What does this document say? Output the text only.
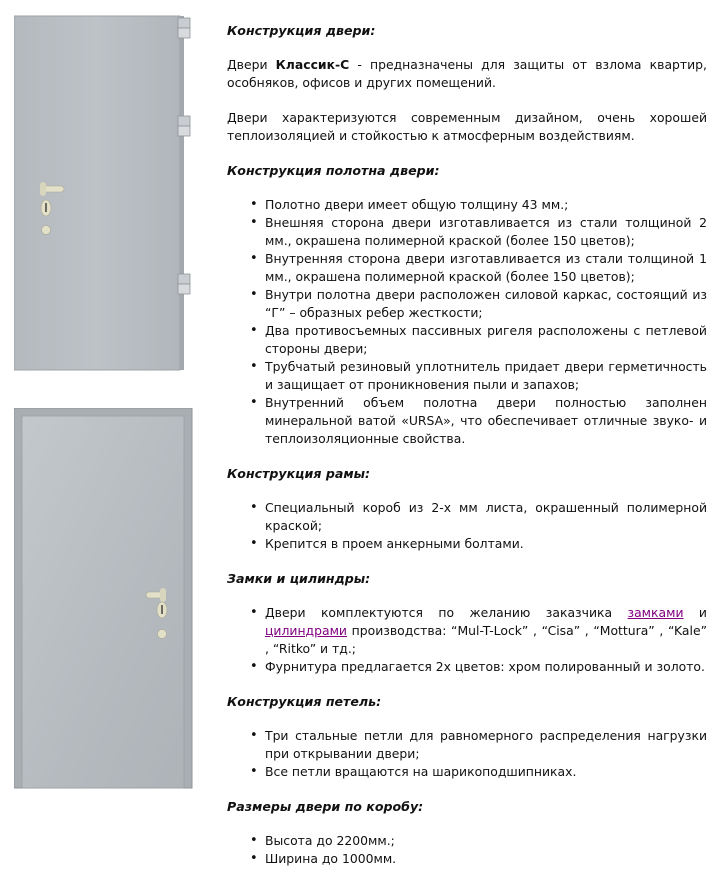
Конструкция двери:

Двери Классик-С - предназначены для защиты от взлома квартир, особняков, офисов и других помещений.

Двери характеризуются современным дизайном, очень хорошей теплоизоляцией и стойкостью к атмосферным воздействиям.

Конструкция полотна двери:
• Полотно двери имеет общую толщину 43 мм.;
• Внешняя сторона двери изготавливается из стали толщиной 2 мм., окрашена полимерной краской (более 150 цветов);
• Внутренняя сторона двери изготавливается из стали толщиной 1 мм., окрашена полимерной краской (более 150 цветов);
• Внутри полотна двери расположен силовой каркас, состоящий из “Г” – образных ребер жесткости;
• Два противосъемных пассивных ригеля расположены с петлевой стороны двери;
• Трубчатый резиновый уплотнитель придает двери герметичность и защищает от проникновения пыли и запахов;
• Внутренний объем полотна двери полностью заполнен минеральной ватой «URSA», что обеспечивает отличные звуко- и теплоизоляционные свойства.
Конструкция рамы:
• Специальный короб из 2-х мм листа, окрашенный полимерной краской;
• Крепится в проем анкерными болтами.
Замки и цилиндры:
• Двери комплектуются по желанию заказчика замками и цилиндрами производства: “Mul-T-Lock” , “Cisa” , “Mottura” , “Kale” , “Ritko” и тд.;
• Фурнитура предлагается 2х цветов: хром полированный и золото.
Конструкция петель:
• Три стальные петли для равномерного распределения нагрузки при открывании двери;
• Все петли вращаются на шарикоподшипниках.
Размеры двери по коробу:
• Высота до 2200мм.;
• Ширина до 1000мм.
